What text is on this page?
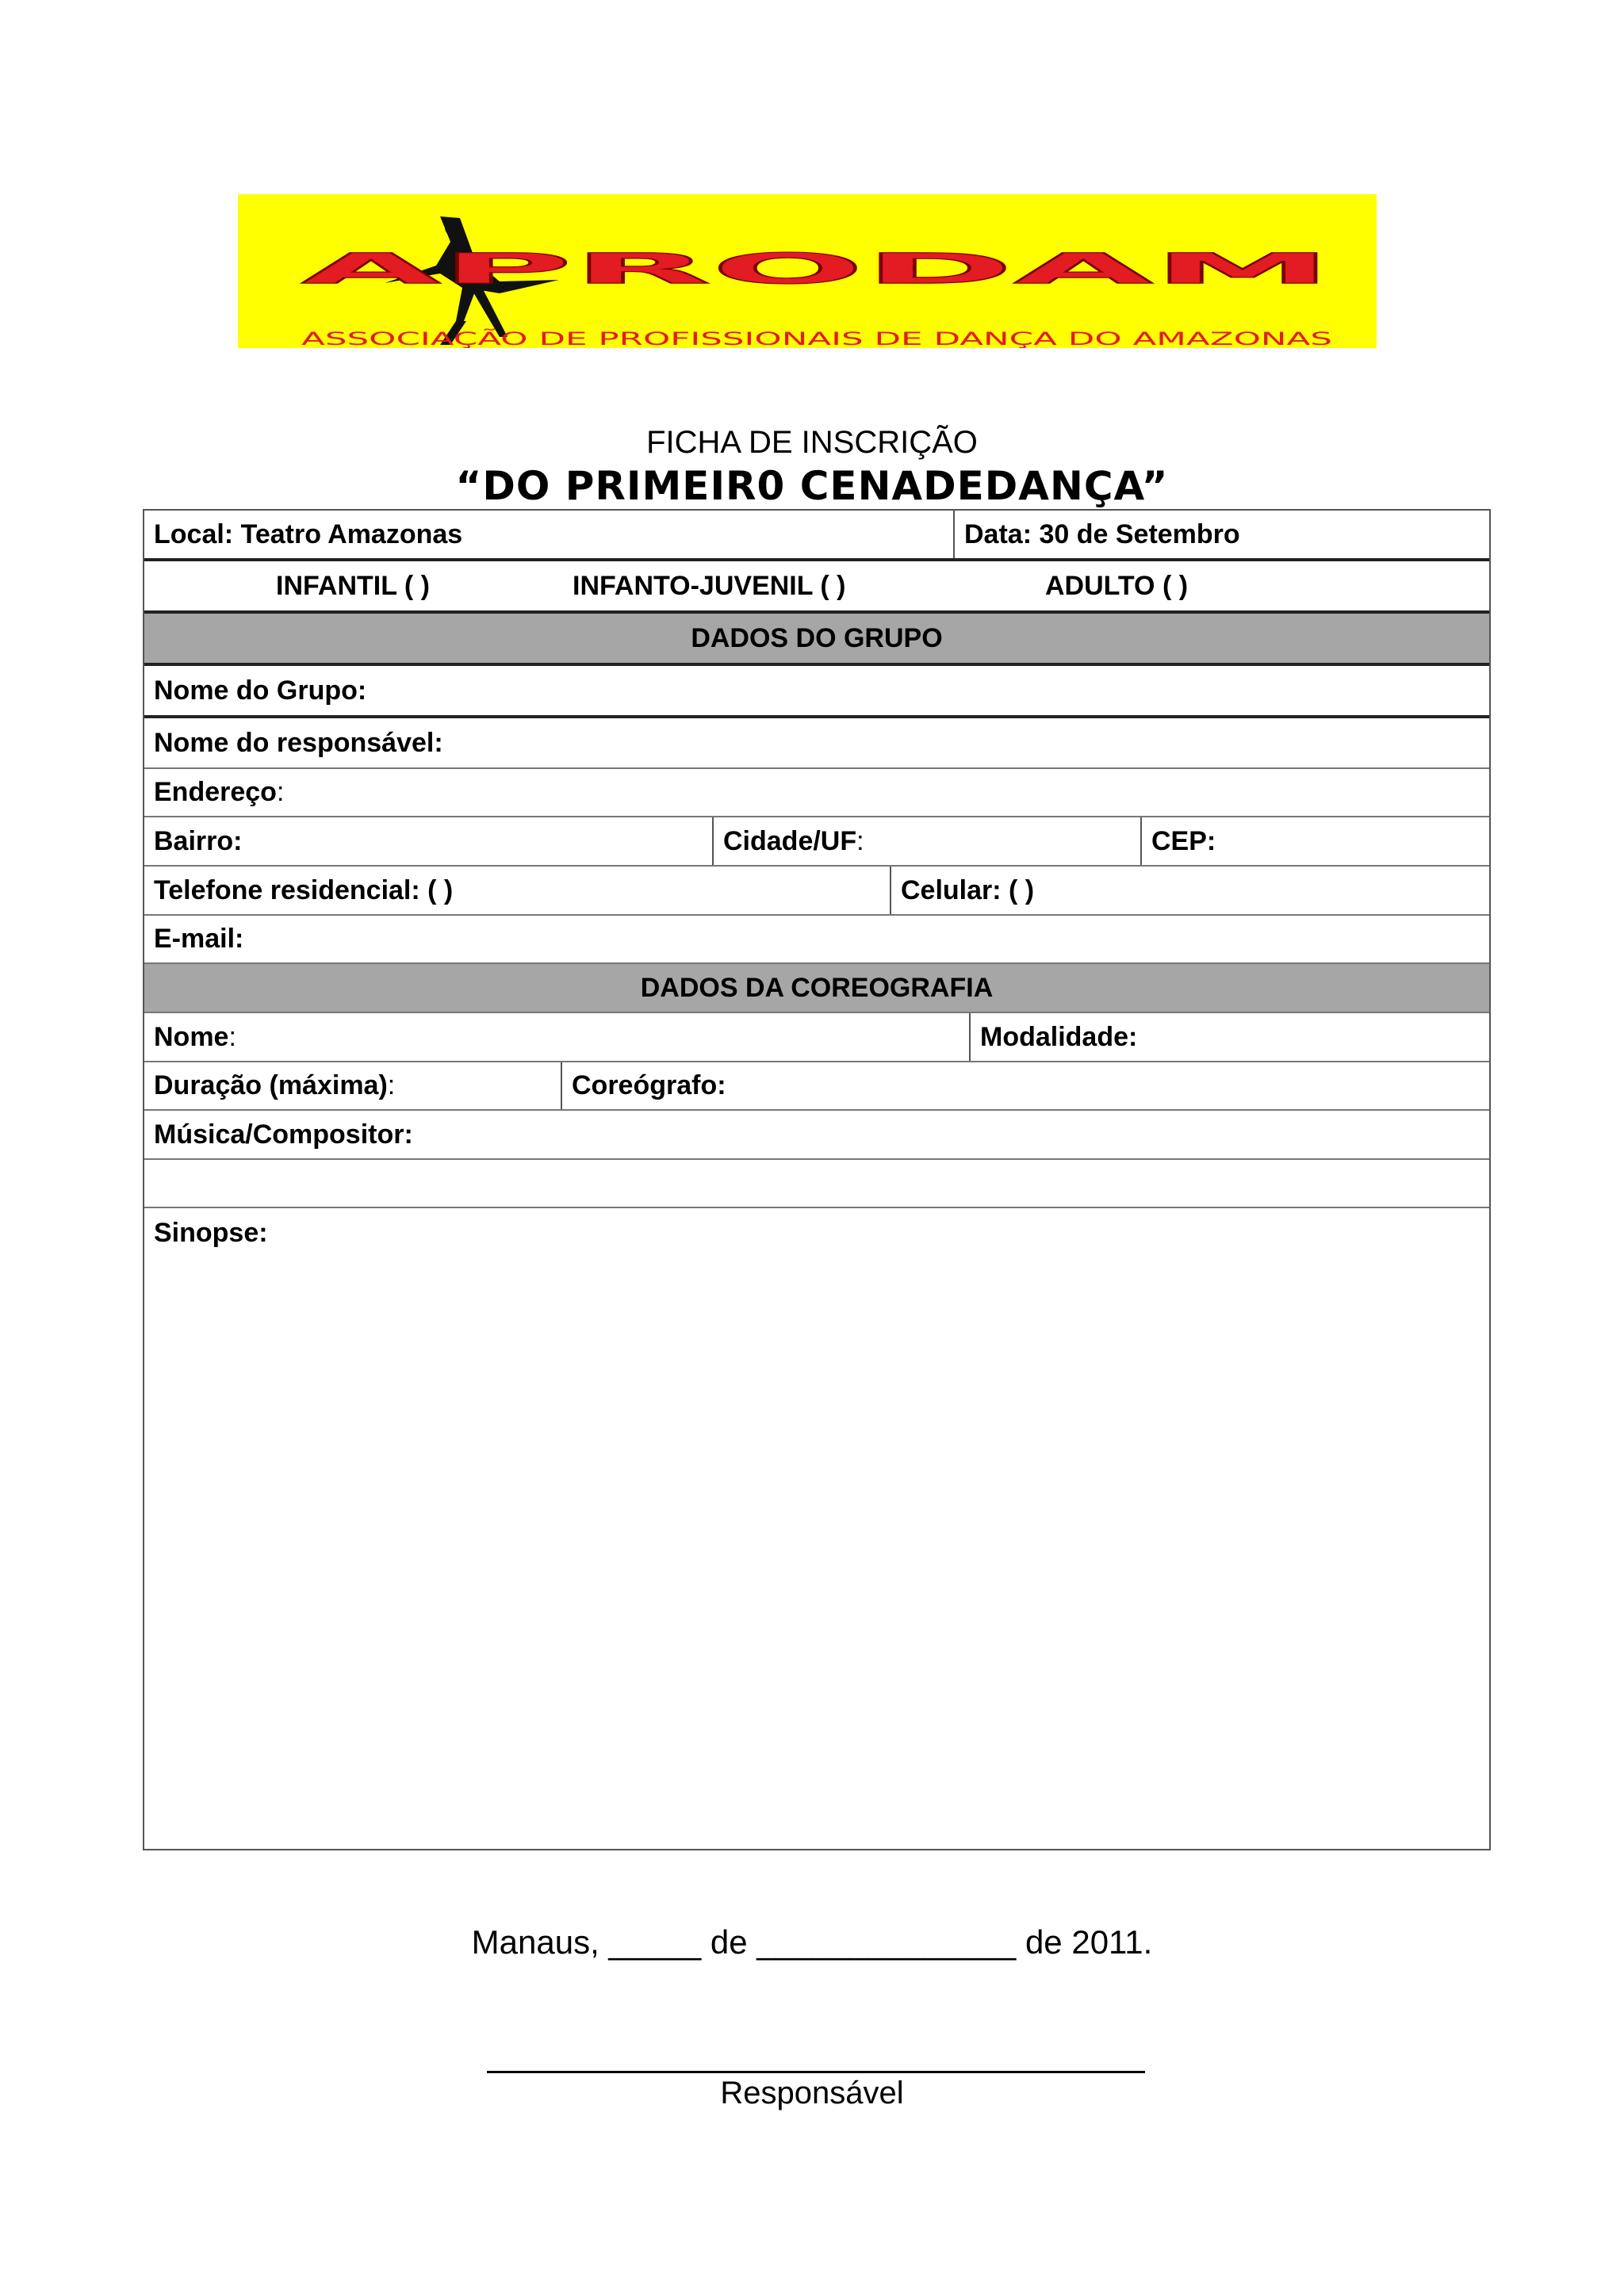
APRODAM
ASSOCIAÇÃO DE PROFISSIONAIS DE DANÇA DO AMAZONAS
FICHA DE INSCRIÇÃO
“DO PRIMEIR0 CENADEDANÇA”
Local: Teatro Amazonas	Data: 30 de Setembro
INFANTIL ( )	INFANTO-JUVENIL ( )	ADULTO ( )
DADOS DO GRUPO
Nome do Grupo:
Nome do responsável:
Endereço :
Bairro:	Cidade/UF :	CEP:
Telefone residencial: ( )	Celular: ( )
E-mail:
DADOS DA COREOGRAFIA
Nome :	Modalidade:
Duração (máxima) :	Coreógrafo:
Música/Compositor:
Sinopse:
Manaus, _____ de ______________ de 2011.
Responsável
